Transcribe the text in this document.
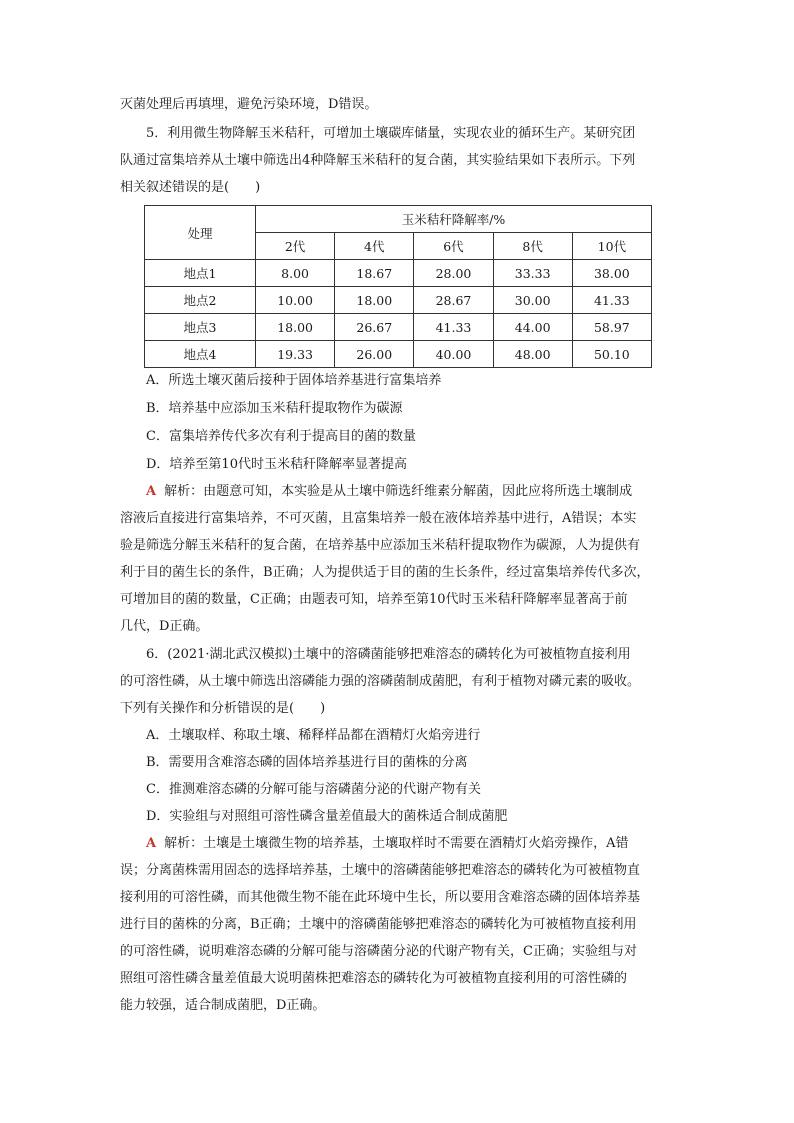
灭菌处理后再填埋，避免污染环境，D错误。
5．利用微生物降解玉米秸秆，可增加土壤碳库储量，实现农业的循环生产。某研究团
队通过富集培养从土壤中筛选出4种降解玉米秸秆的复合菌，其实验结果如下表所示。下列
相关叙述错误的是(　　)
处理	玉米秸秆降解率/%				
	2代	4代	6代	8代	10代
地点1	8.00	18.67	28.00	33.33	38.00
地点2	10.00	18.00	28.67	30.00	41.33
地点3	18.00	26.67	41.33	44.00	58.97
地点4	19.33	26.00	40.00	48.00	50.10
A．所选土壤灭菌后接种于固体培养基进行富集培养
B．培养基中应添加玉米秸秆提取物作为碳源
C．富集培养传代多次有利于提高目的菌的数量
D．培养至第10代时玉米秸秆降解率显著提高
A 解析：由题意可知，本实验是从土壤中筛选纤维素分解菌，因此应将所选土壤制成
溶液后直接进行富集培养，不可灭菌，且富集培养一般在液体培养基中进行，A错误；本实
验是筛选分解玉米秸秆的复合菌，在培养基中应添加玉米秸秆提取物作为碳源，人为提供有
利于目的菌生长的条件，B正确；人为提供适于目的菌的生长条件，经过富集培养传代多次，
可增加目的菌的数量，C正确；由题表可知，培养至第10代时玉米秸秆降解率显著高于前
几代，D正确。
6．(2021·湖北武汉模拟)土壤中的溶磷菌能够把难溶态的磷转化为可被植物直接利用
的可溶性磷，从土壤中筛选出溶磷能力强的溶磷菌制成菌肥，有利于植物对磷元素的吸收。
下列有关操作和分析错误的是(　　)
A．土壤取样、称取土壤、稀释样品都在酒精灯火焰旁进行
B．需要用含难溶态磷的固体培养基进行目的菌株的分离
C．推测难溶态磷的分解可能与溶磷菌分泌的代谢产物有关
D．实验组与对照组可溶性磷含量差值最大的菌株适合制成菌肥
A 解析：土壤是土壤微生物的培养基，土壤取样时不需要在酒精灯火焰旁操作，A错
误；分离菌株需用固态的选择培养基，土壤中的溶磷菌能够把难溶态的磷转化为可被植物直
接利用的可溶性磷，而其他微生物不能在此环境中生长，所以要用含难溶态磷的固体培养基
进行目的菌株的分离，B正确；土壤中的溶磷菌能够把难溶态的磷转化为可被植物直接利用
的可溶性磷，说明难溶态磷的分解可能与溶磷菌分泌的代谢产物有关，C正确；实验组与对
照组可溶性磷含量差值最大说明菌株把难溶态的磷转化为可被植物直接利用的可溶性磷的
能力较强，适合制成菌肥，D正确。
